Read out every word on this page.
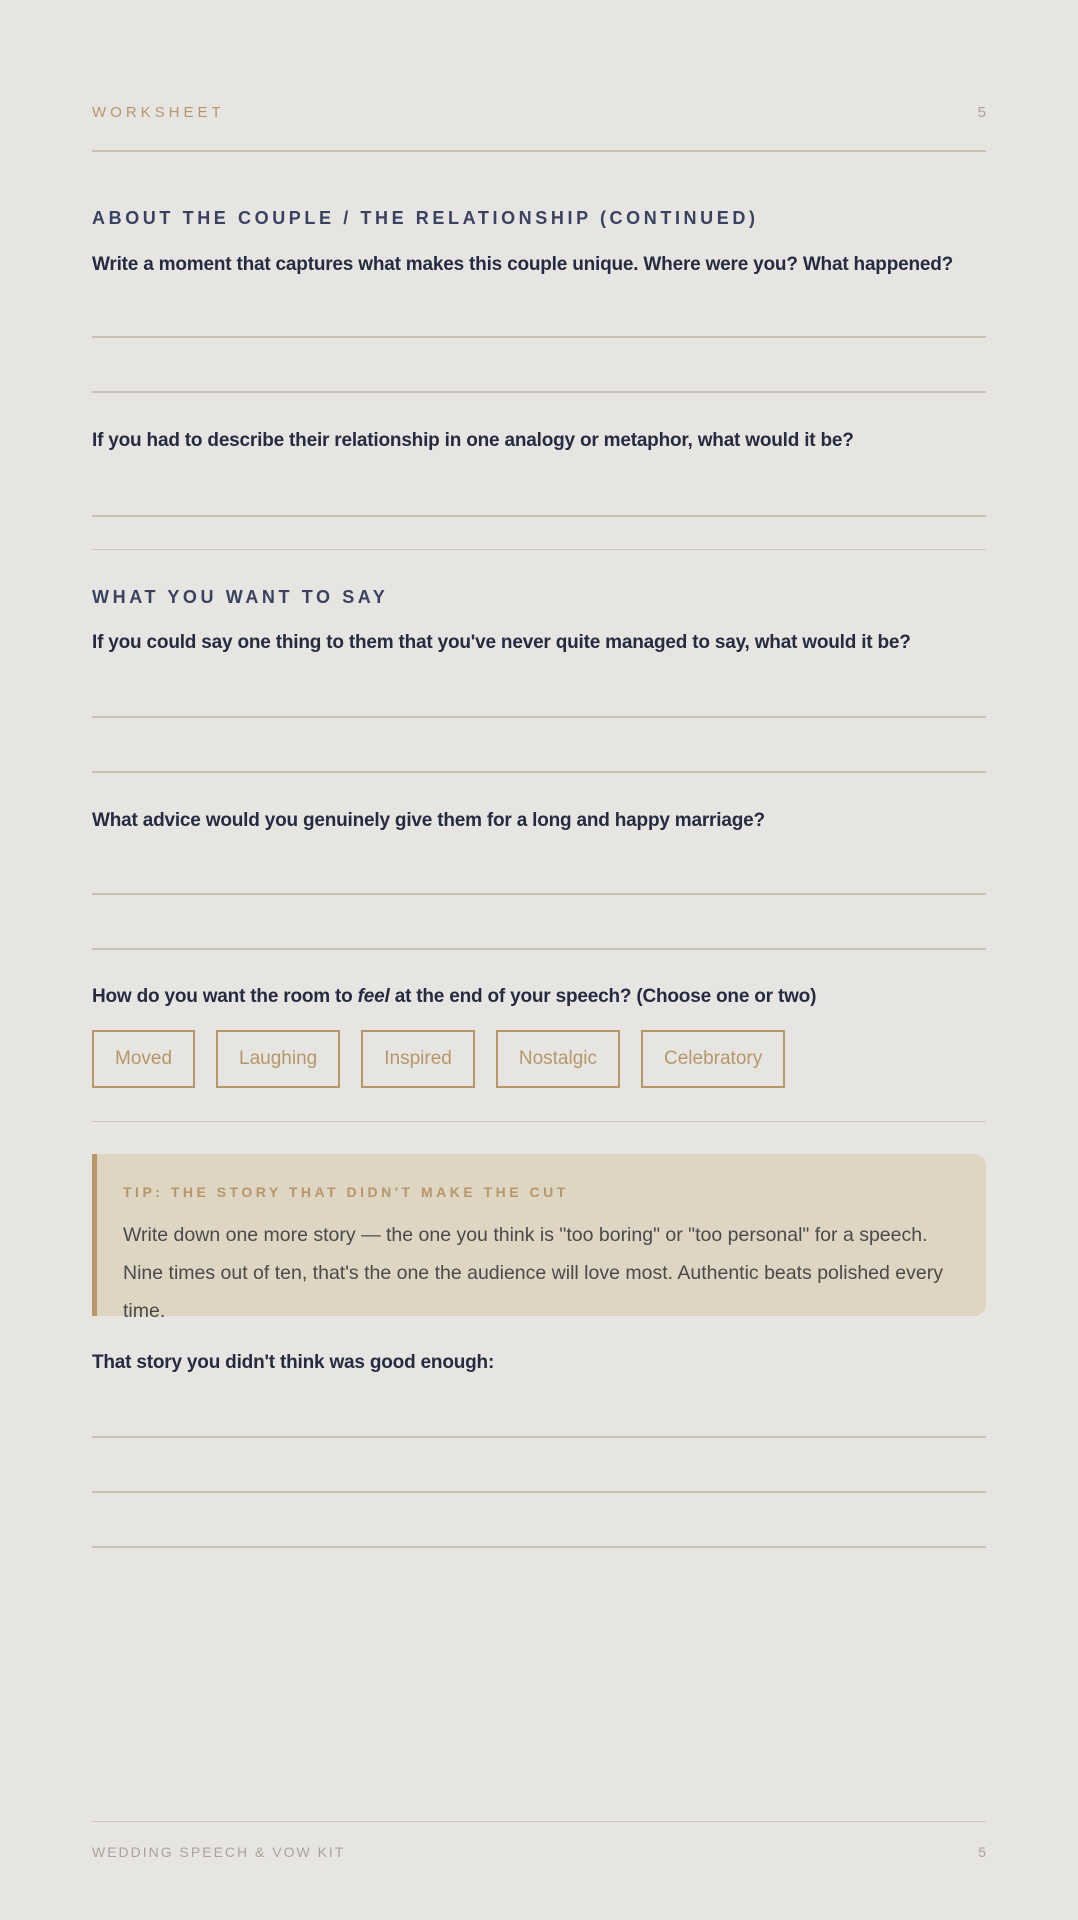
WORKSHEET	5
ABOUT THE COUPLE / THE RELATIONSHIP (CONTINUED)
Write a moment that captures what makes this couple unique. Where were you? What happened?
If you had to describe their relationship in one analogy or metaphor, what would it be?
WHAT YOU WANT TO SAY
If you could say one thing to them that you've never quite managed to say, what would it be?
What advice would you genuinely give them for a long and happy marriage?
How do you want the room to feel at the end of your speech? (Choose one or two)
Moved	Laughing	Inspired	Nostalgic	Celebratory
TIP: THE STORY THAT DIDN'T MAKE THE CUT
Write down one more story — the one you think is "too boring" or "too personal" for a speech. Nine times out of ten, that's the one the audience will love most. Authentic beats polished every time.
That story you didn't think was good enough:
WEDDING SPEECH & VOW KIT	5
